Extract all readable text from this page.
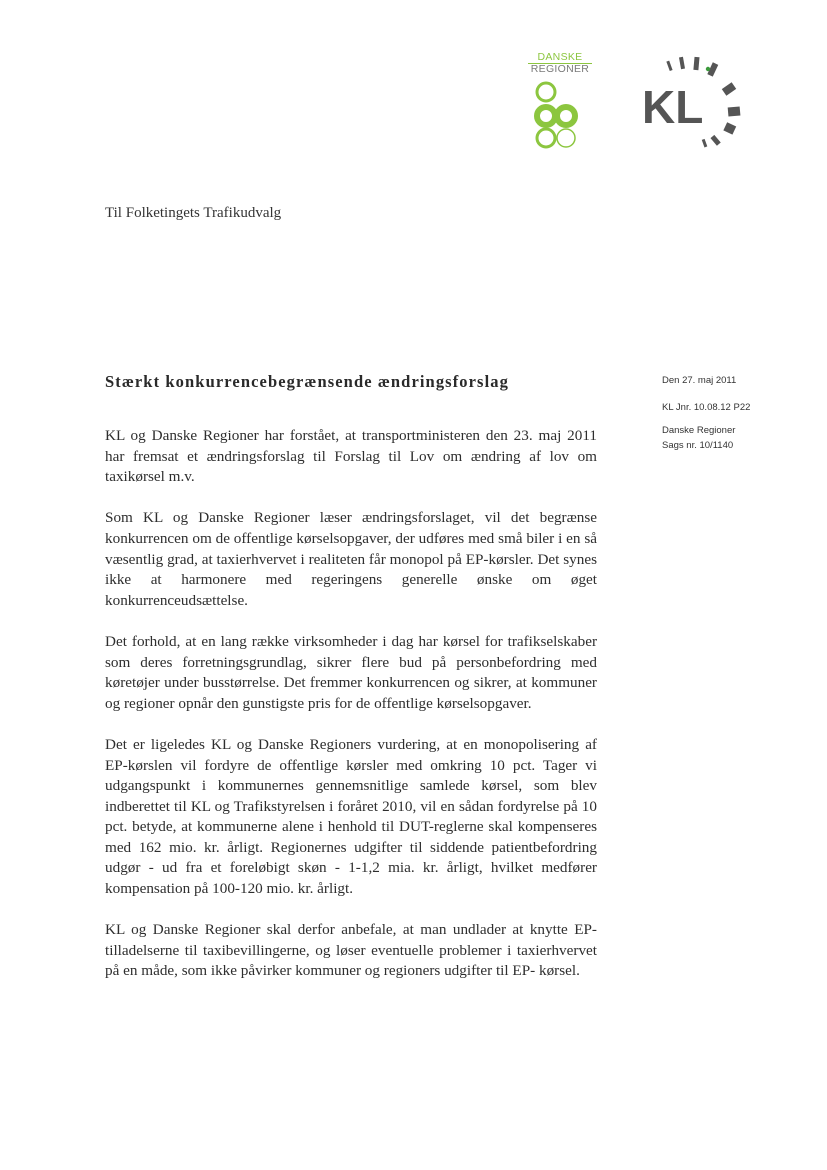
DANSKE
REGIONER
KL
Til Folketingets Trafikudvalg
Stærkt konkurrencebegrænsende ændringsforslag	Den 27. maj 2011
KL Jnr. 10.08.12 P22
Danske Regioner
Sags nr. 10/1140

KL og Danske Regioner har forstået, at transportministeren den 23. maj 2011 har fremsat et ændringsforslag til Forslag til Lov om ændring af lov om taxikørsel m.v.

Som KL og Danske Regioner læser ændringsforslaget, vil det begrænse konkurrencen om de offentlige kørselsopgaver, der udføres med små biler i en så væsentlig grad, at taxierhvervet i realiteten får monopol på EP-kørsler. Det synes ikke at harmonere med regeringens generelle ønske om øget konkurrenceudsættelse.

Det forhold, at en lang række virksomheder i dag har kørsel for trafikselskaber som deres forretningsgrundlag, sikrer flere bud på personbefordring med køretøjer under busstørrelse. Det fremmer konkurrencen og sikrer, at kommuner og regioner opnår den gunstigste pris for de offentlige kørselsopgaver.

Det er ligeledes KL og Danske Regioners vurdering, at en monopolisering af EP-kørslen vil fordyre de offentlige kørsler med omkring 10 pct. Tager vi udgangspunkt i kommunernes gennemsnitlige samlede kørsel, som blev indberettet til KL og Trafikstyrelsen i foråret 2010, vil en sådan fordyrelse på 10 pct. betyde, at kommunerne alene i henhold til DUT-reglerne skal kompenseres med 162 mio. kr. årligt. Regionernes udgifter til siddende patientbefordring udgør - ud fra et foreløbigt skøn - 1-1,2 mia. kr. årligt, hvilket medfører kompensation på 100-120 mio. kr. årligt.

KL og Danske Regioner skal derfor anbefale, at man undlader at knytte EP-tilladelserne til taxibevillingerne, og løser eventuelle problemer i taxierhvervet på en måde, som ikke påvirker kommuner og regioners udgifter til EP- kørsel.
